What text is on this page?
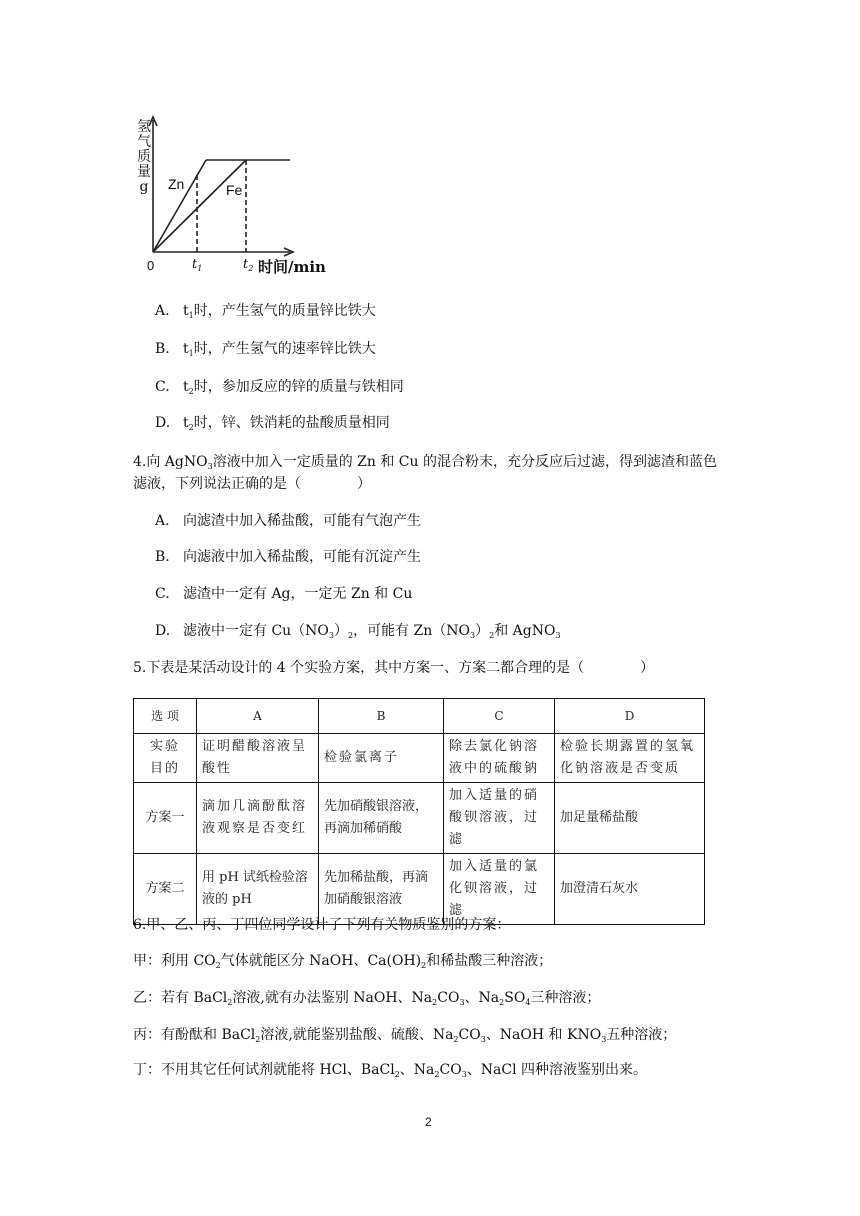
氢
气
质
量
g Zn	Fe
0	$t_1$	$t_2$ 时间/min
A. $t_1$时，产生氢气的质量锌比铁大
B. $t_1$时，产生氢气的速率锌比铁大
C. $t_2$时，参加反应的锌的质量与铁相同
D. $t_2$时，锌、铁消耗的盐酸质量相同
4.向 AgNO$_3$溶液中加入一定质量的 Zn 和 Cu 的混合粉末，充分反应后过滤，得到滤渣和蓝色
滤液，下列说法正确的是（　　　　）
A. 向滤渣中加入稀盐酸，可能有气泡产生
B. 向滤液中加入稀盐酸，可能有沉淀产生
C. 滤渣中一定有 Ag，一定无 Zn 和 Cu
D. 滤液中一定有 $Cu(NO_3)_2$，可能有 $Zn(NO_3)_2$和 AgNO$_3$
5.下表是某活动设计的 4 个实验方案，其中方案一、方案二都合理的是（　　　　）
选 项	A	B	C	D
实验
目的	证明醋酸溶液呈酸性	检验氯离子	除去氯化钠溶液中的硫酸钠	检验长期露置的氢氧化钠溶液是否变质
方案一	滴加几滴酚酞溶液观察是否变红	先加硝酸银溶液，再滴加稀硝酸	加入适量的硝酸钡溶液，过滤	加足量稀盐酸
方案二	用 pH 试纸检验溶液的 pH	先加稀盐酸，再滴加硝酸银溶液	加入适量的氯化钡溶液，过滤	加澄清石灰水
6.甲、乙、丙、丁四位同学设计了下列有关物质鉴别的方案：
甲：利用 $CO_2$气体就能区分 NaOH、$Ca(OH)_2$和稀盐酸三种溶液；
乙：若有 BaCl$_2$溶液,就有办法鉴别 NaOH、$Na_2CO_3$、$Na_2SO_4$三种溶液；
丙：有酚酞和 BaCl$_2$溶液,就能鉴别盐酸、硫酸、$Na_2CO_3$、NaOH 和 $KNO_3$五种溶液；
丁：不用其它任何试剂就能将 HCl、BaCl$_2$、$Na_2CO_3$、NaCl 四种溶液鉴别出来。
2
